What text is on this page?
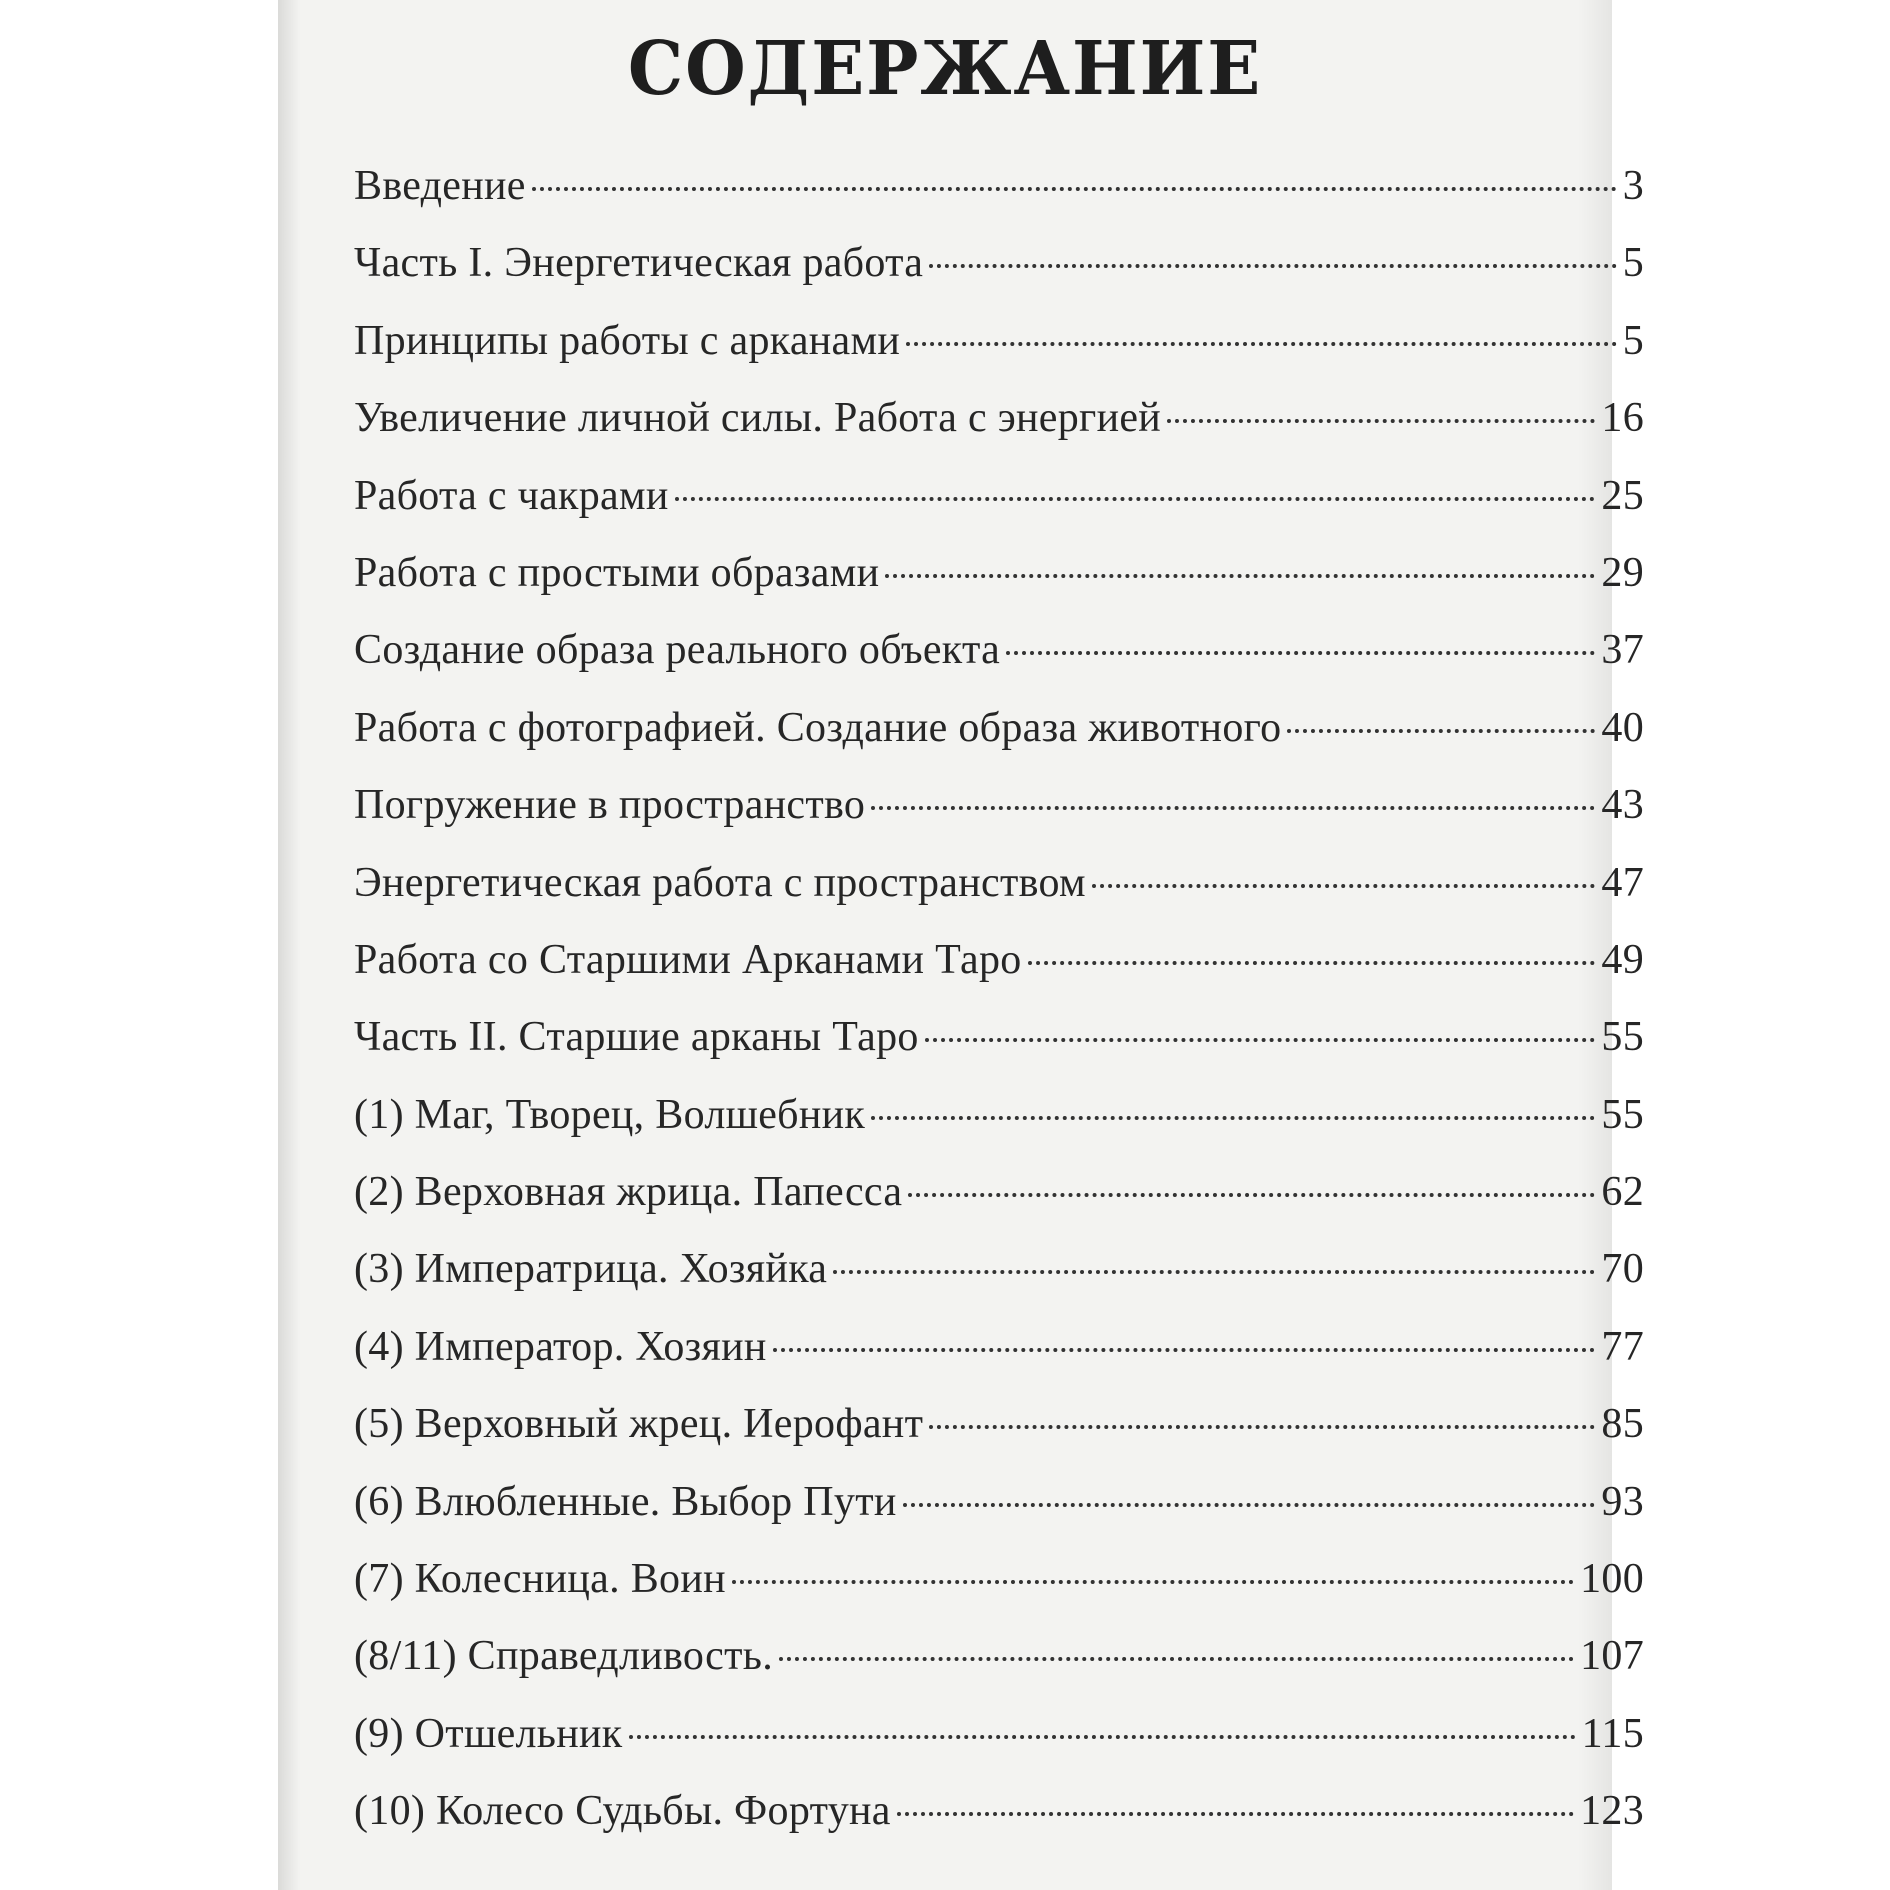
СОДЕРЖАНИЕ
Введение	3
Часть I. Энергетическая работа	5
Принципы работы с арканами	5
Увеличение личной силы. Работа с энергией	16
Работа с чакрами	25
Работа с простыми образами	29
Создание образа реального объекта	37
Работа с фотографией. Создание образа животного	40
Погружение в пространство	43
Энергетическая работа с пространством	47
Работа со Старшими Арканами Таро	49
Часть II. Старшие арканы Таро	55
(1) Маг, Творец, Волшебник	55
(2) Верховная жрица. Папесса	62
(3) Императрица. Хозяйка	70
(4) Император. Хозяин	77
(5) Верховный жрец. Иерофант	85
(6) Влюбленные. Выбор Пути	93
(7) Колесница. Воин	100
(8/11) Справедливость.	107
(9) Отшельник	115
(10) Колесо Судьбы. Фортуна	123
